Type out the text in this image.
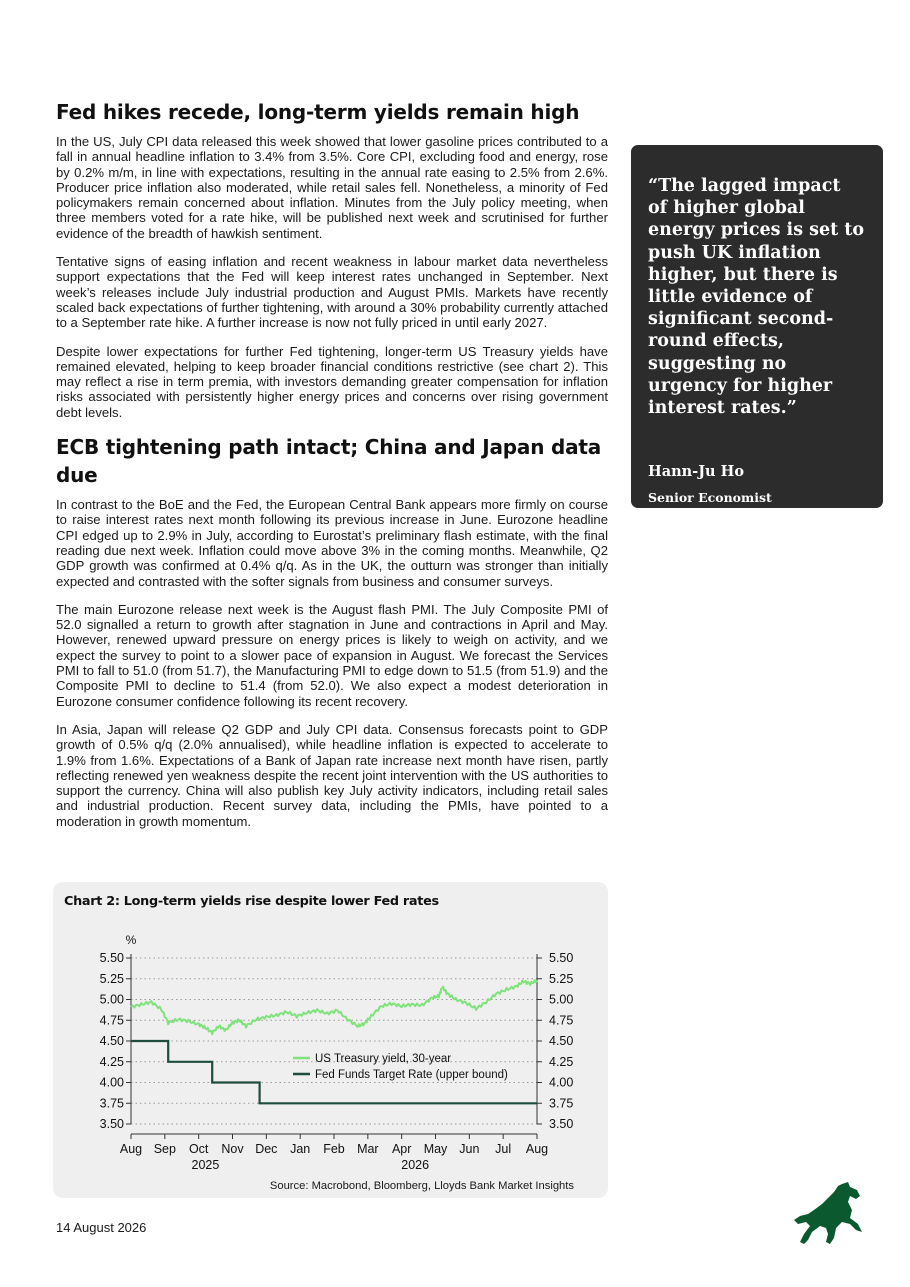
Fed hikes recede, long-term yields remain high

In the US, July CPI data released this week showed that lower gasoline prices contributed to a fall in annual headline inflation to 3.4% from 3.5%. Core CPI, excluding food and energy, rose by 0.2% m/m, in line with expectations, resulting in the annual rate easing to 2.5% from 2.6%. Producer price inflation also moderated, while retail sales fell. Nonetheless, a minority of Fed policymakers remain concerned about inflation. Minutes from the July policy meeting, when three members voted for a rate hike, will be published next week and scrutinised for further evidence of the breadth of hawkish sentiment.

Tentative signs of easing inflation and recent weakness in labour market data nevertheless support expectations that the Fed will keep interest rates unchanged in September. Next week’s releases include July industrial production and August PMIs. Markets have recently scaled back expectations of further tightening, with around a 30% probability currently attached to a September rate hike. A further increase is now not fully priced in until early 2027.

Despite lower expectations for further Fed tightening, longer-term US Treasury yields have remained elevated, helping to keep broader financial conditions restrictive (see chart 2). This may reflect a rise in term premia, with investors demanding greater compensation for inflation risks associated with persistently higher energy prices and concerns over rising government debt levels.

ECB tightening path intact; China and Japan data due

In contrast to the BoE and the Fed, the European Central Bank appears more firmly on course to raise interest rates next month following its previous increase in June. Eurozone headline CPI edged up to 2.9% in July, according to Eurostat’s preliminary flash estimate, with the final reading due next week. Inflation could move above 3% in the coming months. Meanwhile, Q2 GDP growth was confirmed at 0.4% q/q. As in the UK, the outturn was stronger than initially expected and contrasted with the softer signals from business and consumer surveys.

The main Eurozone release next week is the August flash PMI. The July Composite PMI of 52.0 signalled a return to growth after stagnation in June and contractions in April and May. However, renewed upward pressure on energy prices is likely to weigh on activity, and we expect the survey to point to a slower pace of expansion in August. We forecast the Services PMI to fall to 51.0 (from 51.7), the Manufacturing PMI to edge down to 51.5 (from 51.9) and the Composite PMI to decline to 51.4 (from 52.0). We also expect a modest deterioration in Eurozone consumer confidence following its recent recovery.

In Asia, Japan will release Q2 GDP and July CPI data. Consensus forecasts point to GDP growth of 0.5% q/q (2.0% annualised), while headline inflation is expected to accelerate to 1.9% from 1.6%. Expectations of a Bank of Japan rate increase next month have risen, partly reflecting renewed yen weakness despite the recent joint intervention with the US authorities to support the currency. China will also publish key July activity indicators, including retail sales and industrial production. Recent survey data, including the PMIs, have pointed to a moderation in growth momentum.

“The lagged impact of higher global energy prices is set to push UK inflation higher, but there is little evidence of significant second-round effects, suggesting no urgency for higher interest rates.”

Hann-Ju Ho
Senior Economist
Lloyds Market Insights
Chart 2: Long-term yields rise despite lower Fed rates
%
3.50	3.50
3.75	3.75
4.00	4.00
4.25	4.25
4.50	4.50
4.75	4.75
5.00	5.00
5.25	5.25
5.50	5.50
Aug Sep Oct Nov Dec Jan Feb Mar Apr May Jun Jul Aug
2025	2026
US Treasury yield, 30-year
Fed Funds Target Rate (upper bound)
Source: Macrobond, Bloomberg, Lloyds Bank Market Insights
14 August 2026
